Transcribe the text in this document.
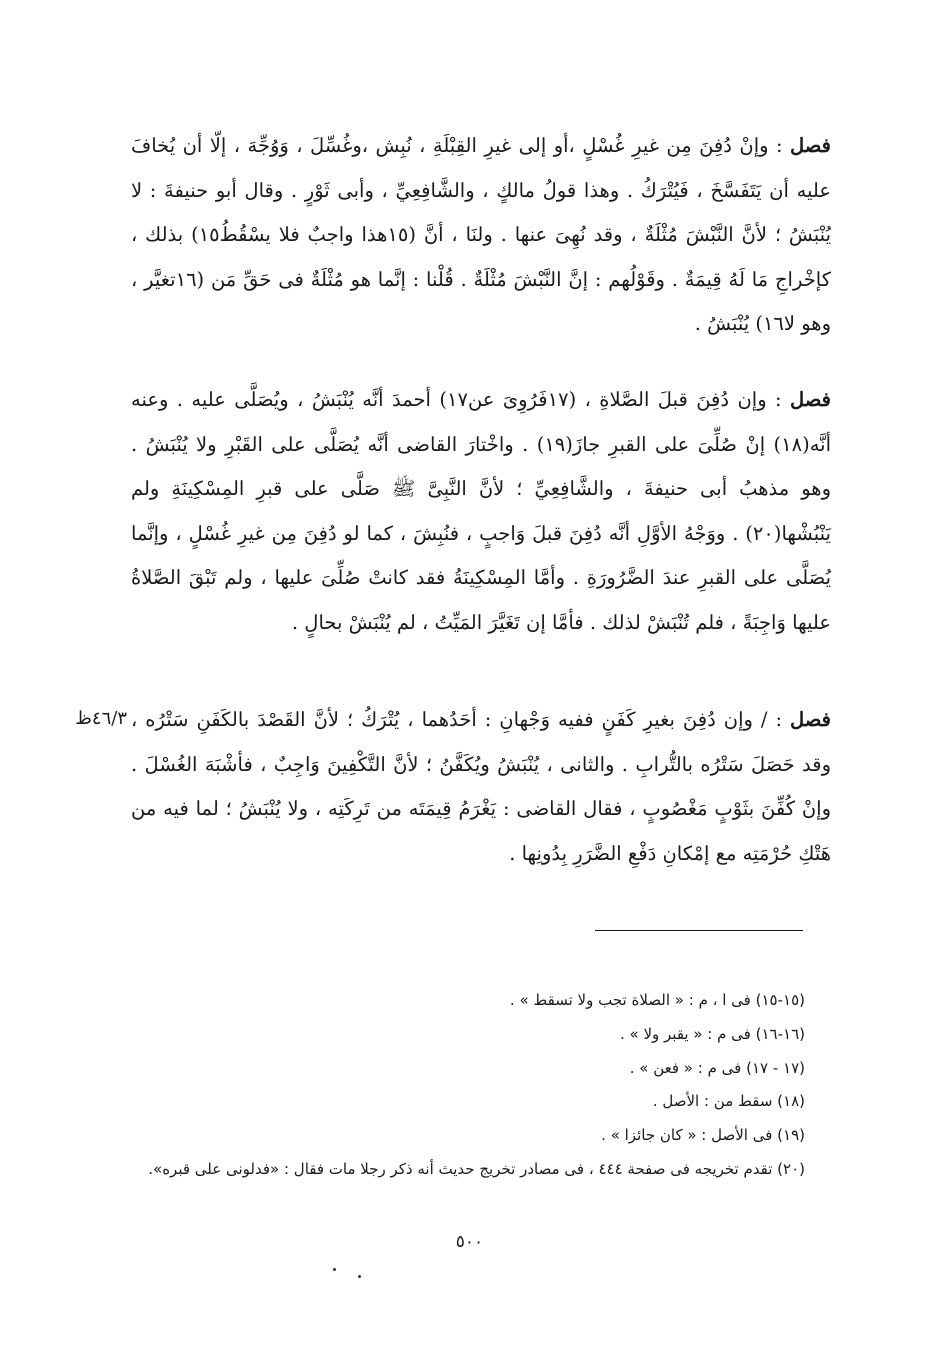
فصل : وإنْ دُفِنَ مِن غيرِ غُسْلٍ ،أو إلى غيرِ القِبْلَةِ ، نُبِش ،وغُسِّلَ ، وَوُجِّهَ ، إلّا أن يُخافَ عليه أن يَتَفَسَّخَ ، فَيُتْرَكُ . وهذا قولُ مالكٍ ، والشَّافِعِيِّ ، وأبى ثَوْرٍ . وقال أبو حنيفةَ : لا يُنْبَشُ ؛ لأنَّ النَّبْشَ مُثْلَةٌ ، وقد نُهِىَ عنها . ولنَا ، أنَّ (١٥هذا واجبٌ فلا يسْقُطُ١٥) بذلك ، كإخْراجِ مَا لَهُ قِيمَةٌ . وقَوْلُهم : إنَّ النَّبْشَ مُثْلَةٌ . قُلْنا : إنَّما هو مُثْلَةٌ فى حَقِّ مَن (١٦تغيَّر ، وهو لا١٦) يُنْبَشُ .

فصل : وإن دُفِنَ قبلَ الصَّلاةِ ، (١٧فَرُوِىَ عن١٧) أحمدَ أنَّه يُنْبَشُ ، ويُصَلَّى عليه . وعنه أنَّه(١٨) إنْ صُلِّىَ على القبرِ جازَ(١٩) . واخْتارَ القاضى أنَّه يُصَلَّى على القَبْرِ ولا يُنْبَشُ . وهو مذهبُ أبى حنيفةَ ، والشَّافِعِيِّ ؛ لأنَّ النَّبِىَّ ﷺ صَلَّى على قبرِ المِسْكِينَةِ ولم يَنْبُشْها(٢٠) . ووَجْهُ الأوَّلِ أنَّه دُفِنَ قبلَ وَاجبٍ ، فنُبِشَ ، كما لو دُفِنَ مِن غيرِ غُسْلٍ ، وإنَّما يُصَلَّى على القبرِ عندَ الضَّرُورَةِ . وأمَّا المِسْكِينَةُ فقد كانتْ صُلِّىَ عليها ، ولم تَبْقَ الصَّلاةُ عليها وَاجِبَةً ، فلم تُنْبَشْ لذلك . فأمَّا إن تَغَيَّرَ المَيِّتُ ، لم يُنْبَشْ بحالٍ .

فصل : / وإن دُفِنَ بغيرِ كَفَنٍ ففيه وَجْهانِ : أحَدُهما ، يُتْرَكُ ؛ لأنَّ القَصْدَ بالكَفَنِ سَتْرُه ، وقد حَصَلَ سَتْرُه بالتُّرابِ . والثانى ، يُنْبَشُ ويُكَفَّنُ ؛ لأنَّ التَّكْفِينَ وَاجِبٌ ، فأشْبَهَ الغُسْلَ . وإنْ كُفِّنَ بثَوْبٍ مَغْصُوبٍ ، فقال القاضى : يَغْرَمُ قِيمَتَه من تَرِكَتِه ، ولا يُنْبَشُ ؛ لما فيه من هَتْكِ حُرْمَتِه مع إمْكانِ دَفْعِ الضَّرَرِ بِدُونِها .

٤٦/٣ظ
(١٥-١٥) فى ا ، م : « الصلاة تجب ولا تسقط » .
(١٦-١٦) فى م : « يقبر ولا » .
(١٧ - ١٧) فى م : « فعن » .
(١٨) سقط من : الأصل .
(١٩) فى الأصل : « كان جائزا » .
(٢٠) تقدم تخريجه فى صفحة ٤٤٤ ، فى مصادر تخريج حديث أنه ذكر رجلا مات فقال : «فدلونى على قبره».
٥٠٠
